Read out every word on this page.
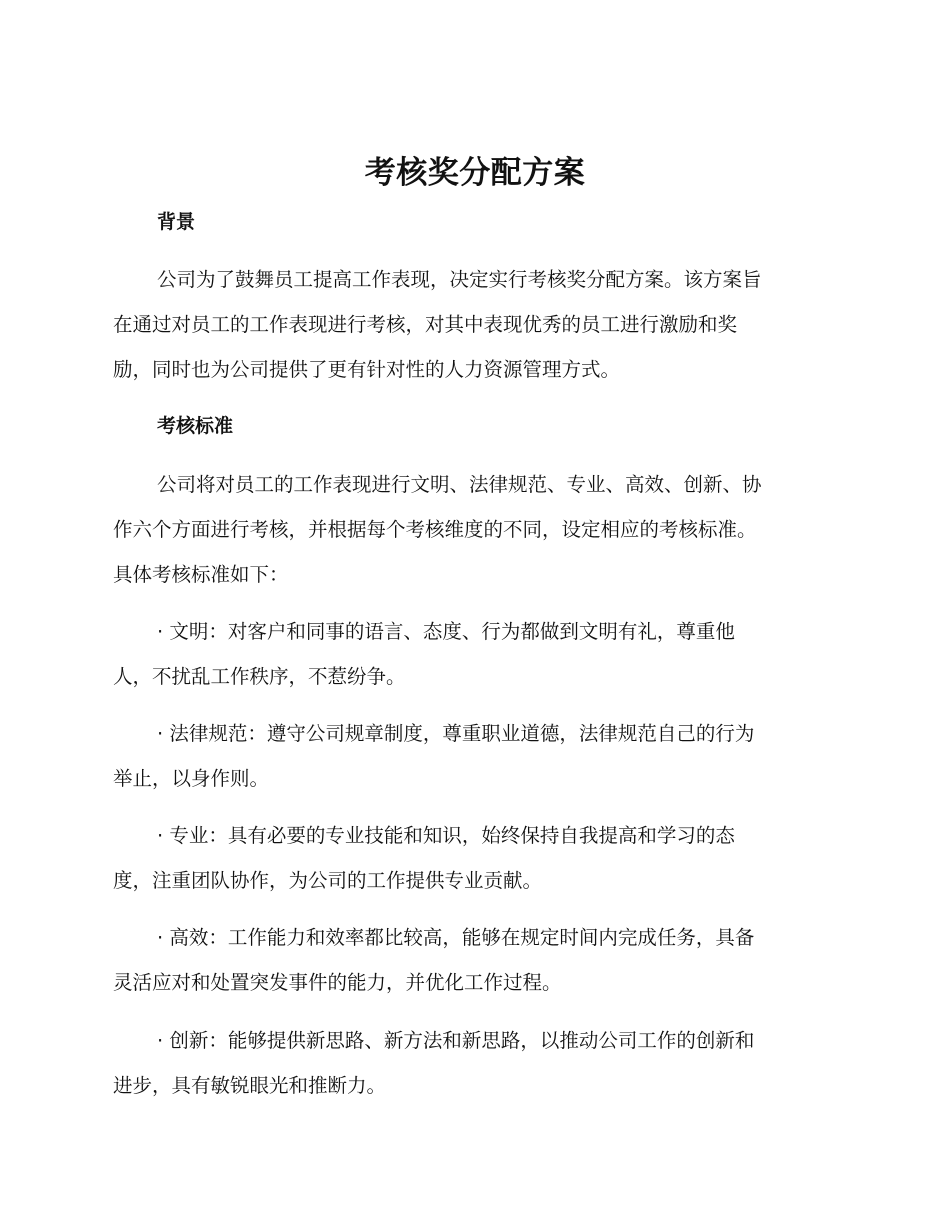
考核奖分配方案
背景
公司为了鼓舞员工提高工作表现，决定实行考核奖分配方案。该方案旨
在通过对员工的工作表现进行考核，对其中表现优秀的员工进行激励和奖
励，同时也为公司提供了更有针对性的人力资源管理方式。
考核标准
公司将对员工的工作表现进行文明、法律规范、专业、高效、创新、协
作六个方面进行考核，并根据每个考核维度的不同，设定相应的考核标准。
具体考核标准如下：
· 文明：对客户和同事的语言、态度、行为都做到文明有礼，尊重他
人，不扰乱工作秩序，不惹纷争。
· 法律规范：遵守公司规章制度，尊重职业道德，法律规范自己的行为
举止，以身作则。
· 专业：具有必要的专业技能和知识，始终保持自我提高和学习的态
度，注重团队协作，为公司的工作提供专业贡献。
· 高效：工作能力和效率都比较高，能够在规定时间内完成任务，具备
灵活应对和处置突发事件的能力，并优化工作过程。
· 创新：能够提供新思路、新方法和新思路，以推动公司工作的创新和
进步，具有敏锐眼光和推断力。
